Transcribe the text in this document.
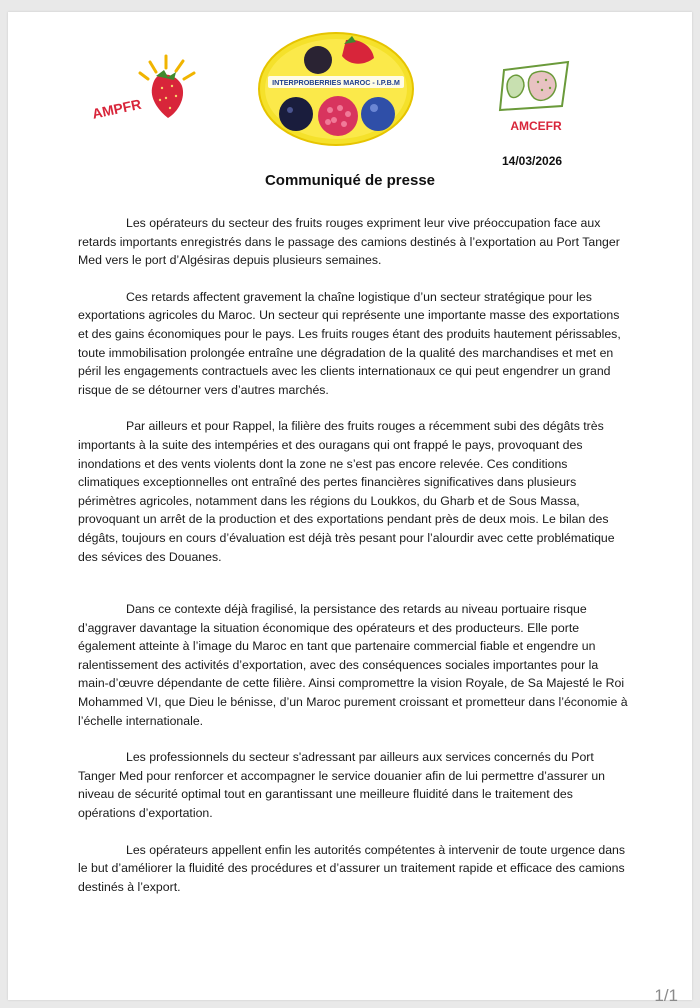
AMPFR
INTERPROBERRIES MAROC - I.P.B.M
AMCEFR
14/03/2026
Communiqué de presse

Les opérateurs du secteur des fruits rouges expriment leur vive préoccupation face aux retards importants enregistrés dans le passage des camions destinés à l’exportation au Port Tanger Med vers le port d’Algésiras depuis plusieurs semaines.

Ces retards affectent gravement la chaîne logistique d’un secteur stratégique pour les exportations agricoles du Maroc. Un secteur qui représente une importante masse des exportations et des gains économiques pour le pays. Les fruits rouges étant des produits hautement périssables, toute immobilisation prolongée entraîne une dégradation de la qualité des marchandises et met en péril les engagements contractuels avec les clients internationaux ce qui peut engendrer un grand risque de se détourner vers d’autres marchés.

Par ailleurs et pour Rappel, la filière des fruits rouges a récemment subi des dégâts très importants à la suite des intempéries et des ouragans qui ont frappé le pays, provoquant des inondations et des vents violents dont la zone ne s’est pas encore relevée. Ces conditions climatiques exceptionnelles ont entraîné des pertes financières significatives dans plusieurs périmètres agricoles, notamment dans les régions du Loukkos, du Gharb et de Sous Massa, provoquant un arrêt de la production et des exportations pendant près de deux mois. Le bilan des dégâts, toujours en cours d’évaluation est déjà très pesant pour l’alourdir avec cette problématique des sévices des Douanes.

Dans ce contexte déjà fragilisé, la persistance des retards au niveau portuaire risque d’aggraver davantage la situation économique des opérateurs et des producteurs. Elle porte également atteinte à l’image du Maroc en tant que partenaire commercial fiable et engendre un ralentissement des activités d’exportation, avec des conséquences sociales importantes pour la main-d’œuvre dépendante de cette filière. Ainsi compromettre la vision Royale, de Sa Majesté le Roi Mohammed VI, que Dieu le bénisse, d’un Maroc purement croissant et prometteur dans l’économie à l’échelle internationale.

Les professionnels du secteur s'adressant par ailleurs aux services concernés du Port Tanger Med pour renforcer et accompagner le service douanier afin de lui permettre d’assurer un niveau de sécurité optimal tout en garantissant une meilleure fluidité dans le traitement des opérations d’exportation.

Les opérateurs appellent enfin les autorités compétentes à intervenir de toute urgence dans le but d’améliorer la fluidité des procédures et d’assurer un traitement rapide et efficace des camions destinés à l’export.

1/1
